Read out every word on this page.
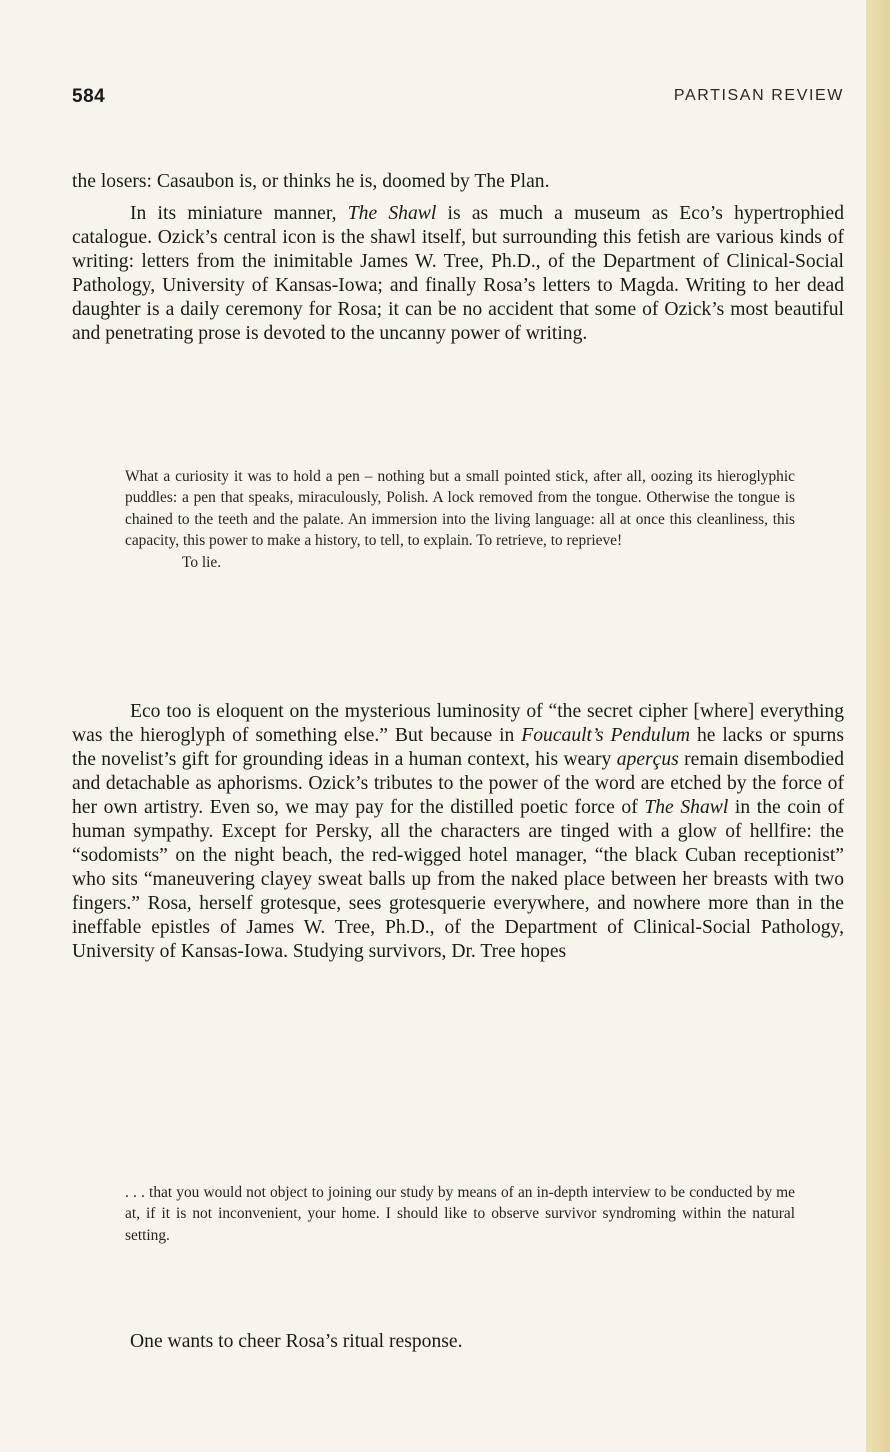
584	PARTISAN REVIEW

the losers: Casaubon is, or thinks he is, doomed by The Plan.

In its miniature manner, The Shawl is as much a museum as Eco’s hypertrophied catalogue. Ozick’s central icon is the shawl itself, but surrounding this fetish are various kinds of writing: letters from the inimitable James W. Tree, Ph.D., of the Department of Clinical-Social Pathology, University of Kansas-Iowa; and finally Rosa’s letters to Magda. Writing to her dead daughter is a daily ceremony for Rosa; it can be no accident that some of Ozick’s most beautiful and penetrating prose is devoted to the uncanny power of writing.

What a curiosity it was to hold a pen – nothing but a small pointed stick, after all, oozing its hieroglyphic puddles: a pen that speaks, miraculously, Polish. A lock removed from the tongue. Otherwise the tongue is chained to the teeth and the palate. An immersion into the living language: all at once this cleanliness, this capacity, this power to make a history, to tell, to explain. To retrieve, to reprieve!
To lie.

Eco too is eloquent on the mysterious luminosity of “the secret cipher [where] everything was the hieroglyph of something else.” But because in Foucault’s Pendulum he lacks or spurns the novelist’s gift for grounding ideas in a human context, his weary aperçus remain disembodied and detachable as aphorisms. Ozick’s tributes to the power of the word are etched by the force of her own artistry. Even so, we may pay for the distilled poetic force of The Shawl in the coin of human sympathy. Except for Persky, all the characters are tinged with a glow of hellfire: the “sodomists” on the night beach, the red-wigged hotel manager, “the black Cuban receptionist” who sits “maneuvering clayey sweat balls up from the naked place between her breasts with two fingers.” Rosa, herself grotesque, sees grotesquerie everywhere, and nowhere more than in the ineffable epistles of James W. Tree, Ph.D., of the Department of Clinical-Social Pathology, University of Kansas-Iowa. Studying survivors, Dr. Tree hopes

. . . that you would not object to joining our study by means of an in-depth interview to be conducted by me at, if it is not inconvenient, your home. I should like to observe survivor syndroming within the natural setting.

One wants to cheer Rosa’s ritual response.
